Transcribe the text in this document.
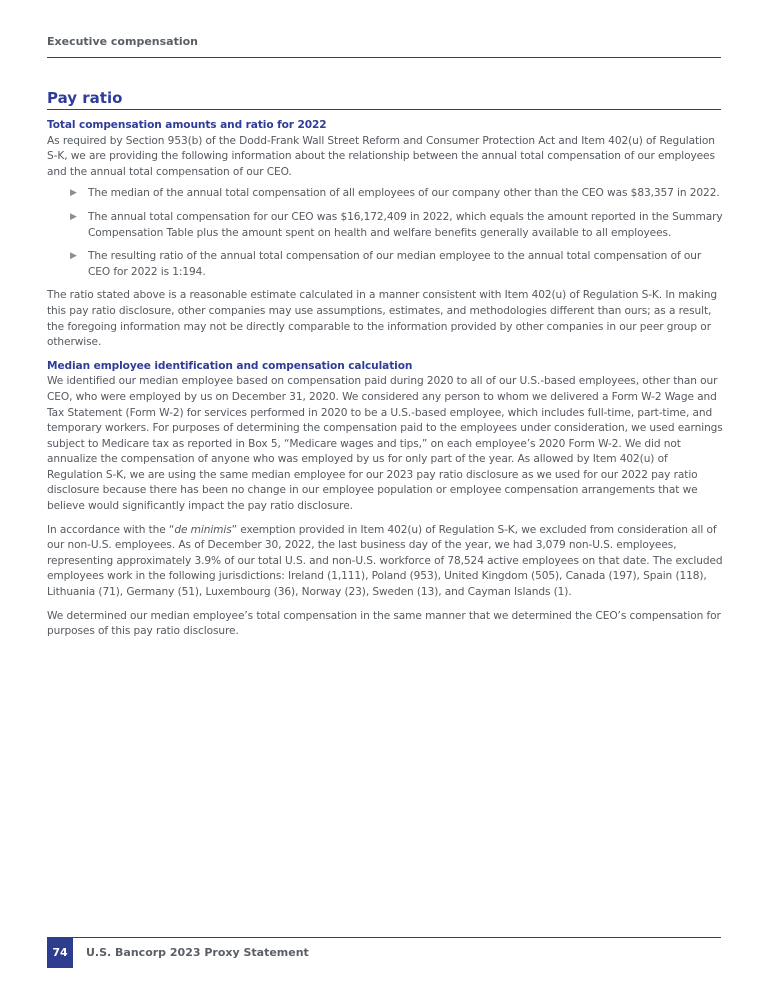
Executive compensation
Pay ratio
Total compensation amounts and ratio for 2022

As required by Section 953(b) of the Dodd-Frank Wall Street Reform and Consumer Protection Act and Item 402(u) of Regulation S-K, we are providing the following information about the relationship between the annual total compensation of our employees and the annual total compensation of our CEO.

▶ The median of the annual total compensation of all employees of our company other than the CEO was $83,357 in 2022.
▶ The annual total compensation for our CEO was $16,172,409 in 2022, which equals the amount reported in the Summary Compensation Table plus the amount spent on health and welfare benefits generally available to all employees.
▶ The resulting ratio of the annual total compensation of our median employee to the annual total compensation of our CEO for 2022 is 1:194.

The ratio stated above is a reasonable estimate calculated in a manner consistent with Item 402(u) of Regulation S-K. In making this pay ratio disclosure, other companies may use assumptions, estimates, and methodologies different than ours; as a result, the foregoing information may not be directly comparable to the information provided by other companies in our peer group or otherwise.

Median employee identification and compensation calculation

We identified our median employee based on compensation paid during 2020 to all of our U.S.-based employees, other than our CEO, who were employed by us on December 31, 2020. We considered any person to whom we delivered a Form W-2 Wage and Tax Statement (Form W-2) for services performed in 2020 to be a U.S.-based employee, which includes full-time, part-time, and temporary workers. For purposes of determining the compensation paid to the employees under consideration, we used earnings subject to Medicare tax as reported in Box 5, “Medicare wages and tips,” on each employee’s 2020 Form W-2. We did not annualize the compensation of anyone who was employed by us for only part of the year. As allowed by Item 402(u) of Regulation S-K, we are using the same median employee for our 2023 pay ratio disclosure as we used for our 2022 pay ratio disclosure because there has been no change in our employee population or employee compensation arrangements that we believe would significantly impact the pay ratio disclosure.

In accordance with the “de minimis” exemption provided in Item 402(u) of Regulation S-K, we excluded from consideration all of our non-U.S. employees. As of December 30, 2022, the last business day of the year, we had 3,079 non-U.S. employees, representing approximately 3.9% of our total U.S. and non-U.S. workforce of 78,524 active employees on that date. The excluded employees work in the following jurisdictions: Ireland (1,111), Poland (953), United Kingdom (505), Canada (197), Spain (118), Lithuania (71), Germany (51), Luxembourg (36), Norway (23), Sweden (13), and Cayman Islands (1).

We determined our median employee’s total compensation in the same manner that we determined the CEO’s compensation for purposes of this pay ratio disclosure.

74	U.S. Bancorp 2023 Proxy Statement
